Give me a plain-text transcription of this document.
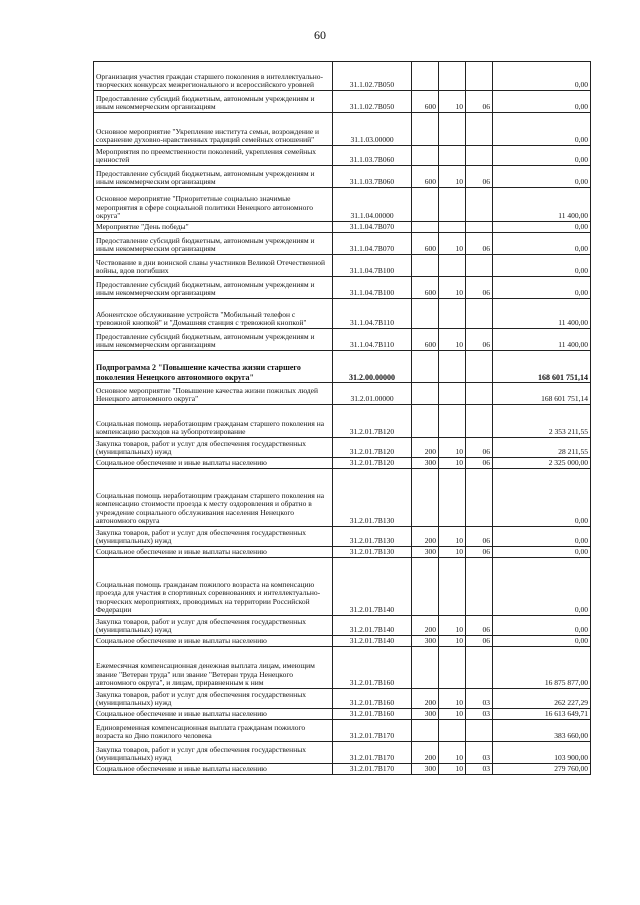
60
Организация участия граждан старшего поколения в интеллектуально-творческих конкурсах межрегионального и всероссийского уровней	31.1.02.7В050				0,00
Предоставление субсидий бюджетным, автономным учреждениям и иным некоммерческим организациям	31.1.02.7В050	600	10	06	0,00
Основное мероприятие "Укрепление института семьи, возрождение и сохранение духовно-нравственных традиций семейных отношений"	31.1.03.00000				0,00
Мероприятия по преемственности поколений, укрепления семейных ценностей	31.1.03.7В060				0,00
Предоставление субсидий бюджетным, автономным учреждениям и иным некоммерческим организациям	31.1.03.7В060	600	10	06	0,00
Основное мероприятие "Приоритетные социально значимые мероприятия в сфере социальной политики Ненецкого автономного округа"	31.1.04.00000				11 400,00
Мероприятие "День победы"	31.1.04.7В070				0,00
Предоставление субсидий бюджетным, автономным учреждениям и иным некоммерческим организациям	31.1.04.7В070	600	10	06	0,00
Чествование в дни воинской славы участников Великой Отечественной войны, вдов погибших	31.1.04.7В100				0,00
Предоставление субсидий бюджетным, автономным учреждениям и иным некоммерческим организациям	31.1.04.7В100	600	10	06	0,00
Абонентское обслуживание устройств "Мобильный телефон с тревожной кнопкой" и "Домашняя станция с тревожной кнопкой"	31.1.04.7В110				11 400,00
Предоставление субсидий бюджетным, автономным учреждениям и иным некоммерческим организациям	31.1.04.7В110	600	10	06	11 400,00
Подпрограмма 2 "Повышение качества жизни старшего поколения Ненецкого автономного округа"	31.2.00.00000				168 601 751,14
Основное мероприятие "Повышение качества жизни пожилых людей Ненецкого автономного округа"	31.2.01.00000				168 601 751,14
Социальная помощь неработающим гражданам старшего поколения на компенсацию расходов на зубопротезирование	31.2.01.7В120				2 353 211,55
Закупка товаров, работ и услуг для обеспечения государственных (муниципальных) нужд	31.2.01.7В120	200	10	06	28 211,55
Социальное обеспечение и иные выплаты населению	31.2.01.7В120	300	10	06	2 325 000,00
Социальная помощь неработающим гражданам старшего поколения на компенсацию стоимости проезда к месту оздоровления и обратно в учреждение социального обслуживания населения Ненецкого автономного округа	31.2.01.7В130				0,00
Закупка товаров, работ и услуг для обеспечения государственных (муниципальных) нужд	31.2.01.7В130	200	10	06	0,00
Социальное обеспечение и иные выплаты населению	31.2.01.7В130	300	10	06	0,00
Социальная помощь гражданам пожилого возраста на компенсацию проезда для участия в спортивных соревнованиях и интеллектуально-творческих мероприятиях, проводимых на территории Российской Федерации	31.2.01.7В140				0,00
Закупка товаров, работ и услуг для обеспечения государственных (муниципальных) нужд	31.2.01.7В140	200	10	06	0,00
Социальное обеспечение и иные выплаты населению	31.2.01.7В140	300	10	06	0,00
Ежемесячная компенсационная денежная выплата лицам, имеющим звание "Ветеран труда" или звание "Ветеран труда Ненецкого автономного округа", и лицам, приравненным к ним	31.2.01.7В160				16 875 877,00
Закупка товаров, работ и услуг для обеспечения государственных (муниципальных) нужд	31.2.01.7В160	200	10	03	262 227,29
Социальное обеспечение и иные выплаты населению	31.2.01.7В160	300	10	03	16 613 649,71
Единовременная компенсационная выплата гражданам пожилого возраста ко Дню пожилого человека	31.2.01.7В170				383 660,00
Закупка товаров, работ и услуг для обеспечения государственных (муниципальных) нужд	31.2.01.7В170	200	10	03	103 900,00
Социальное обеспечение и иные выплаты населению	31.2.01.7В170	300	10	03	279 760,00
